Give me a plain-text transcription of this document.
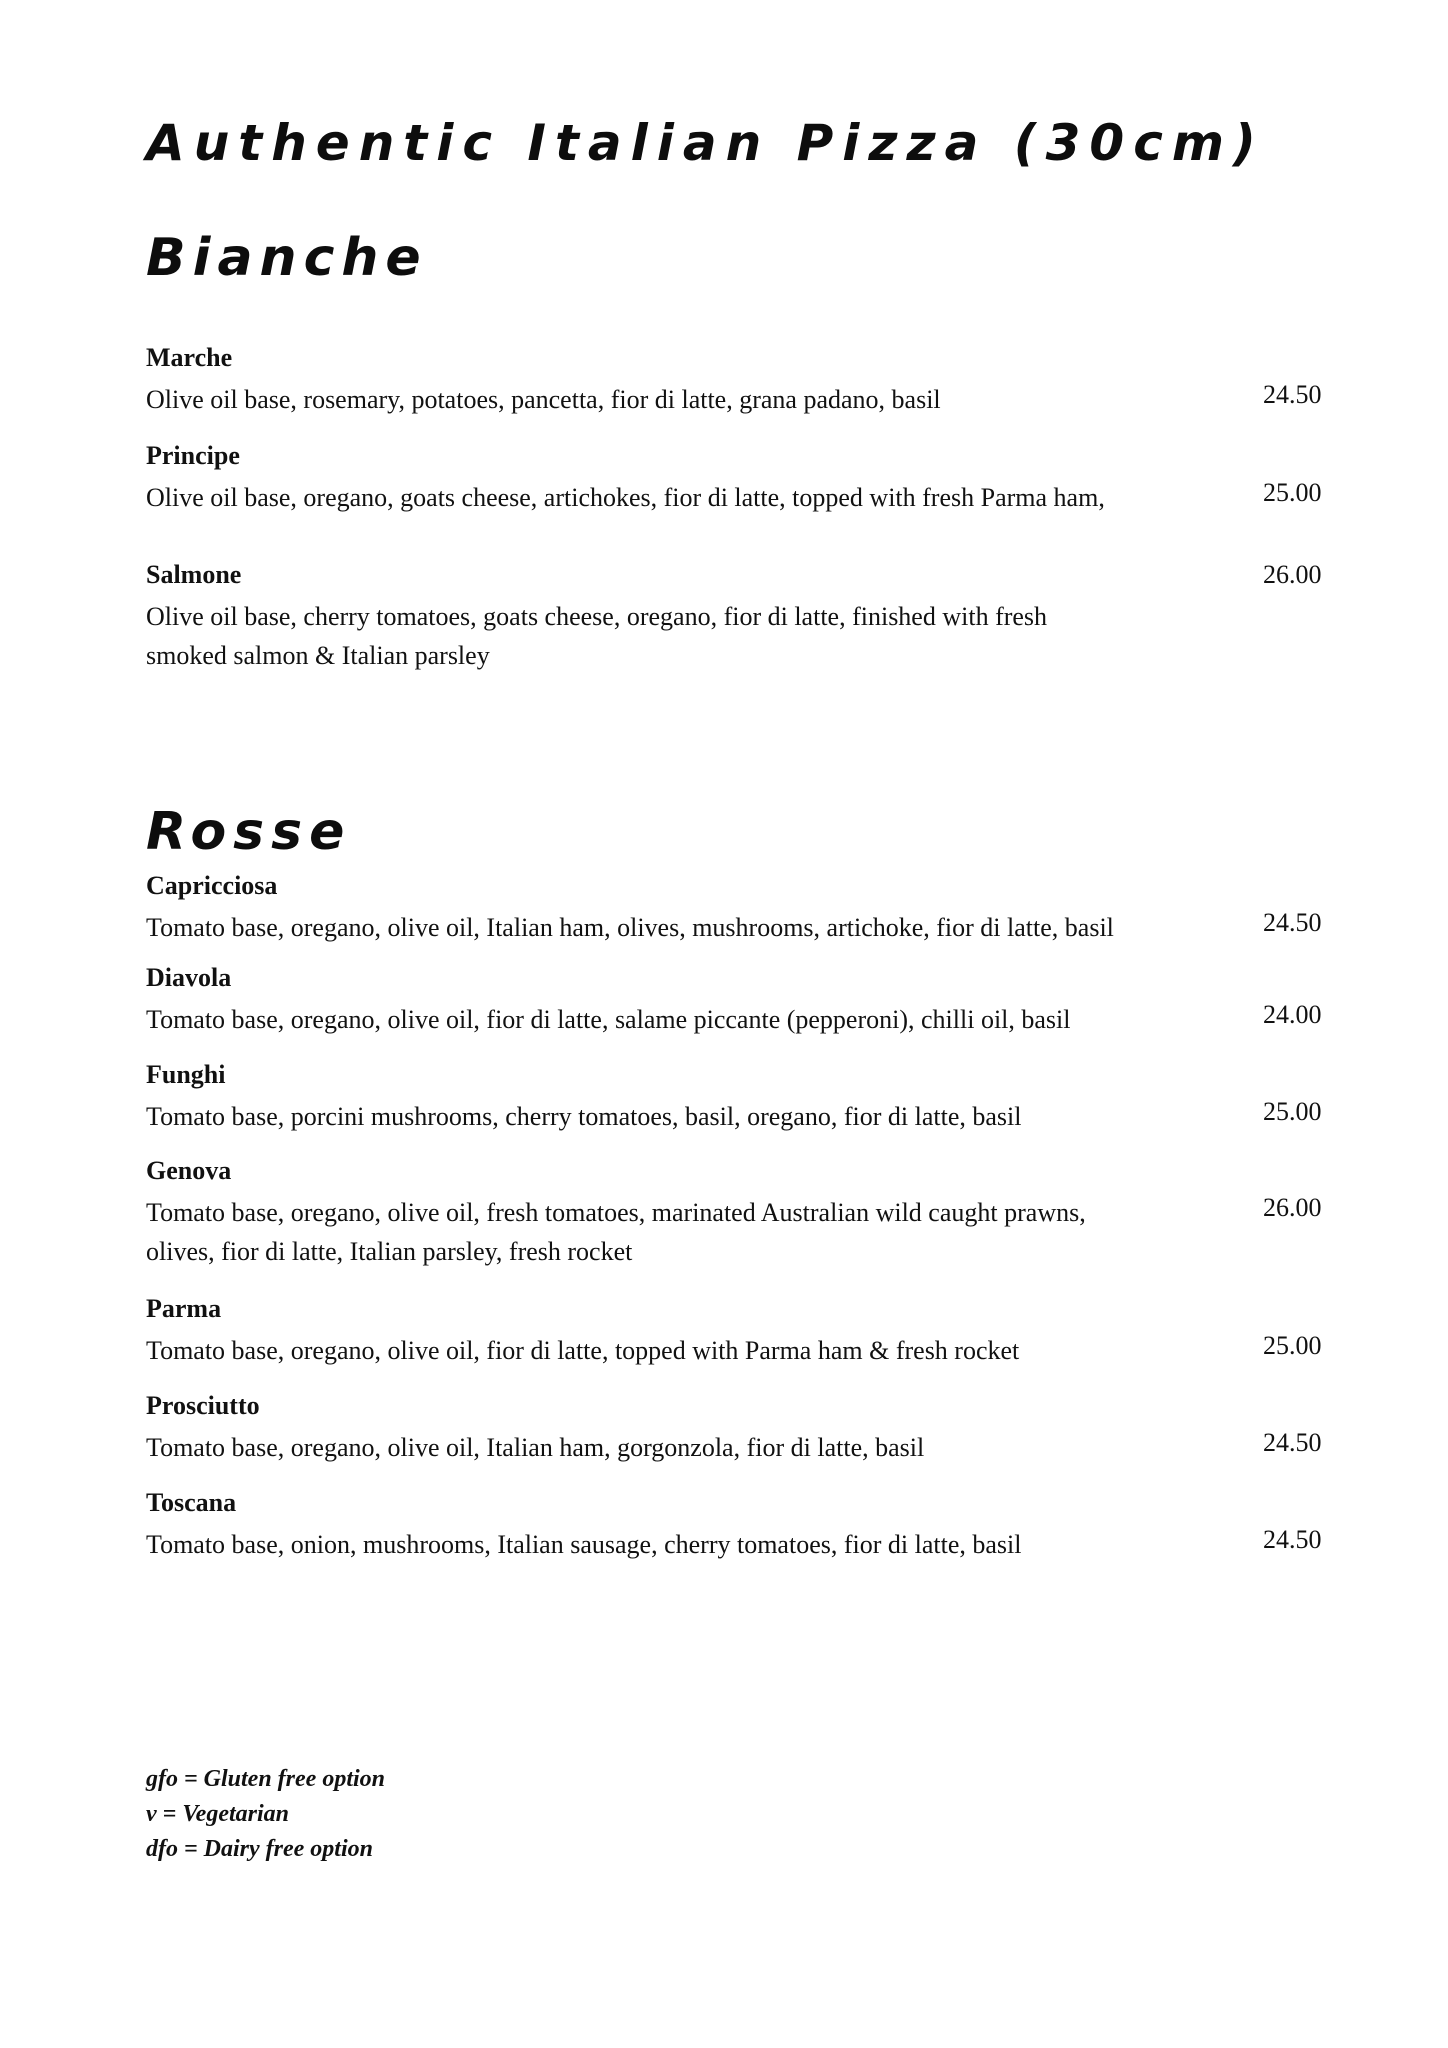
Authentic Italian Pizza (30cm)
Bianche
Marche
Olive oil base, rosemary, potatoes, pancetta, fior di latte, grana padano, basil	24.50
Principe
Olive oil base, oregano, goats cheese, artichokes, fior di latte, topped with fresh Parma ham,	25.00
Salmone
Olive oil base, cherry tomatoes, goats cheese, oregano, fior di latte, finished with fresh smoked salmon & Italian parsley
26.00
Rosse
Capricciosa
Tomato base, oregano, olive oil, Italian ham, olives, mushrooms, artichoke, fior di latte, basil	24.50
Diavola
Tomato base, oregano, olive oil, fior di latte, salame piccante (pepperoni), chilli oil, basil	24.00
Funghi
Tomato base, porcini mushrooms, cherry tomatoes, basil, oregano, fior di latte, basil	25.00
Genova
Tomato base, oregano, olive oil, fresh tomatoes, marinated Australian wild caught prawns, olives, fior di latte, Italian parsley, fresh rocket
26.00
Parma
Tomato base, oregano, olive oil, fior di latte, topped with Parma ham & fresh rocket	25.00
Prosciutto
Tomato base, oregano, olive oil, Italian ham, gorgonzola, fior di latte, basil	24.50
Toscana
Tomato base, onion, mushrooms, Italian sausage, cherry tomatoes, fior di latte, basil	24.50
gfo = Gluten free option
v = Vegetarian
dfo = Dairy free option
